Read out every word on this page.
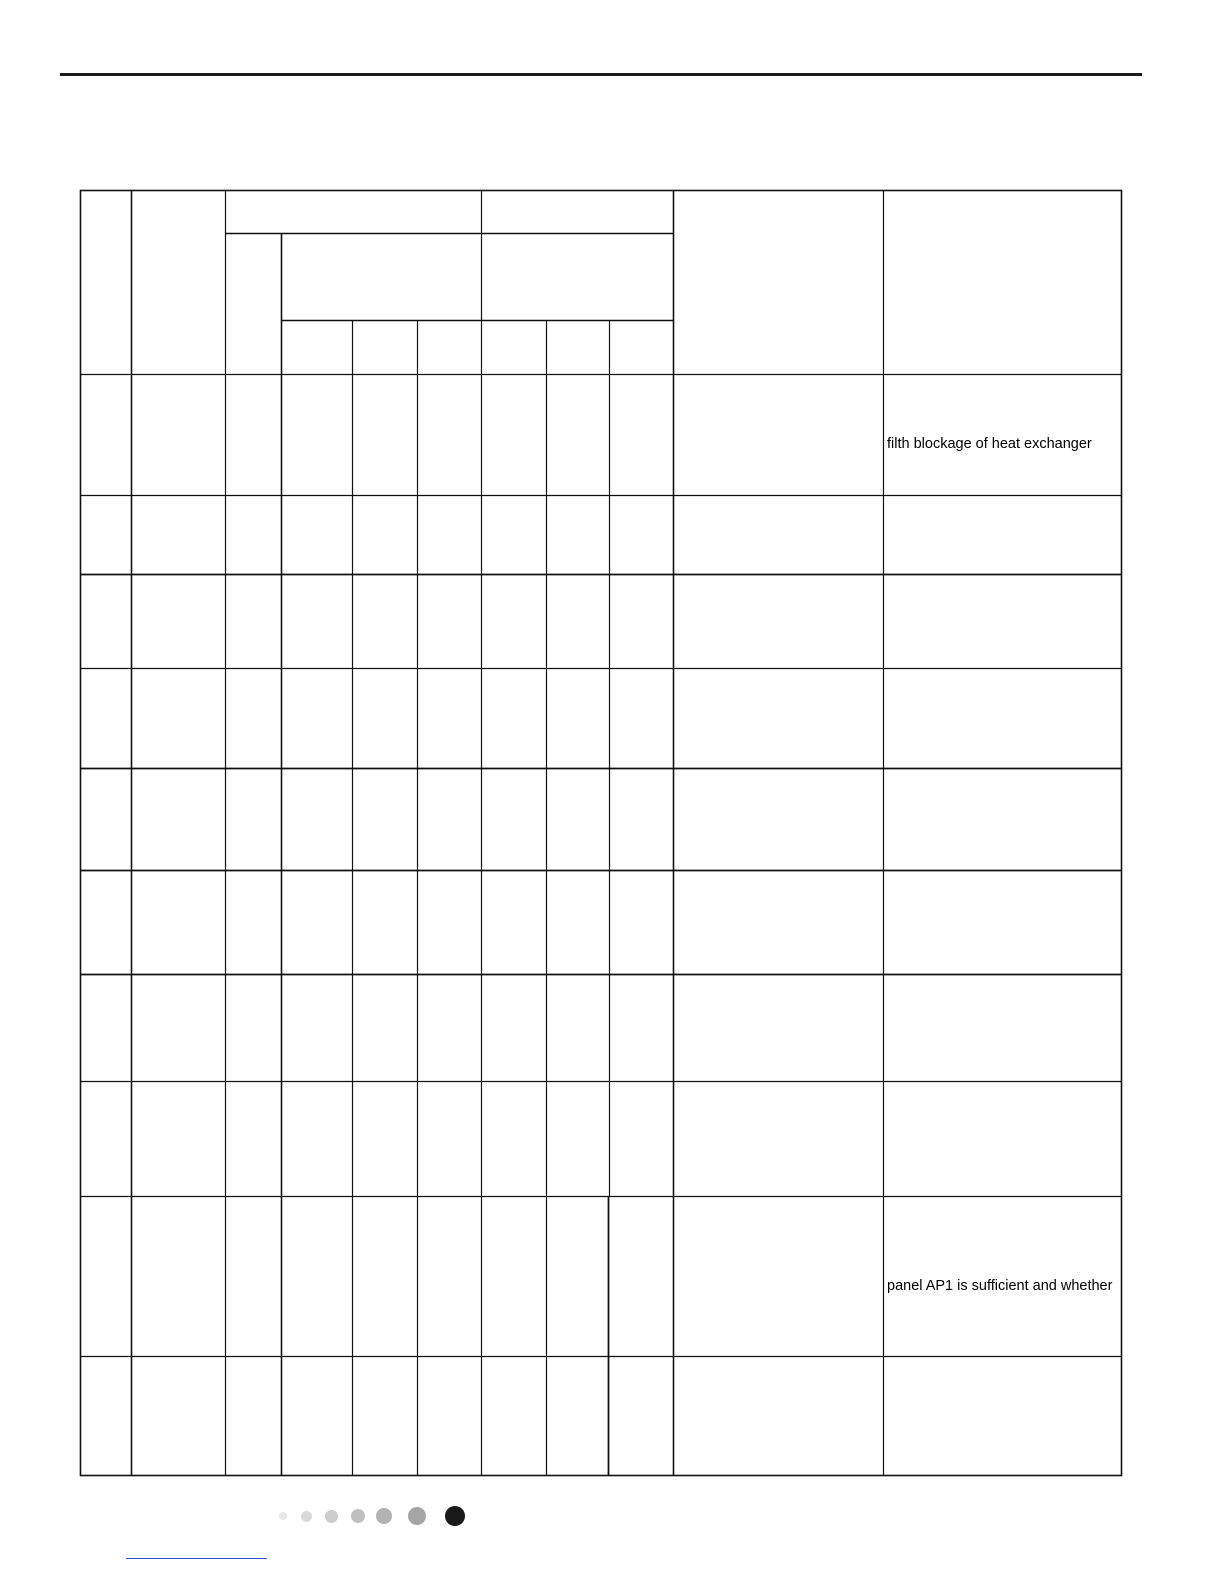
filth blockage of heat exchanger
panel AP1 is sufficient and whether
